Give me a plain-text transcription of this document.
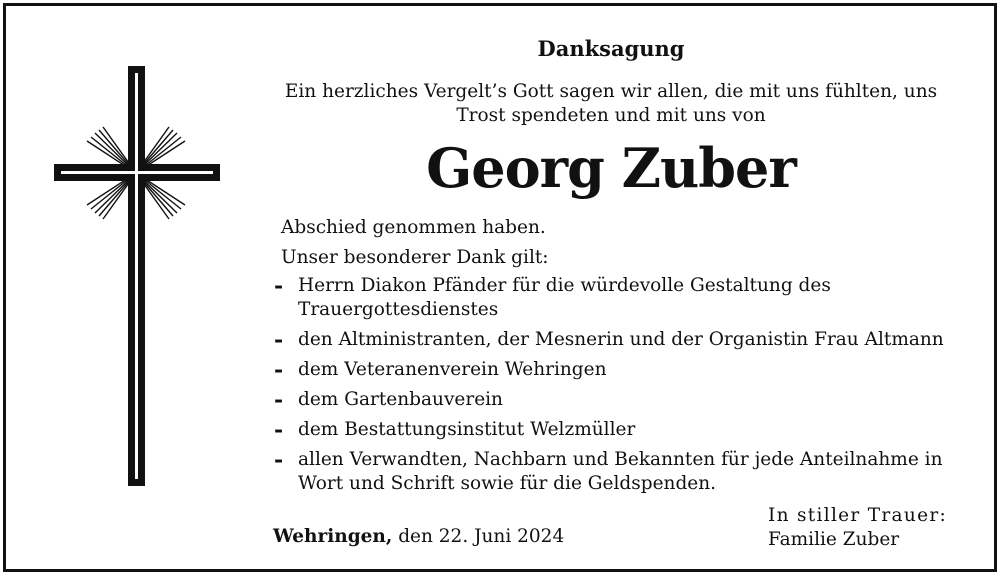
Danksagung
Ein herzliches Vergelt’s Gott sagen wir allen, die mit uns fühlten, uns Trost spendeten und mit uns von
Georg Zuber
Abschied genommen haben.
Unser besonderer Dank gilt:
- Herrn Diakon Pfänder für die würdevolle Gestaltung des Trauergottesdienstes
- den Altministranten, der Mesnerin und der Organistin Frau Altmann
- dem Veteranenverein Wehringen
- dem Gartenbauverein
- dem Bestattungsinstitut Welzmüller
- allen Verwandten, Nachbarn und Bekannten für jede Anteilnahme in Wort und Schrift sowie für die Geldspenden.
Wehringen, den 22. Juni 2024
In stiller Trauer:
Familie Zuber
